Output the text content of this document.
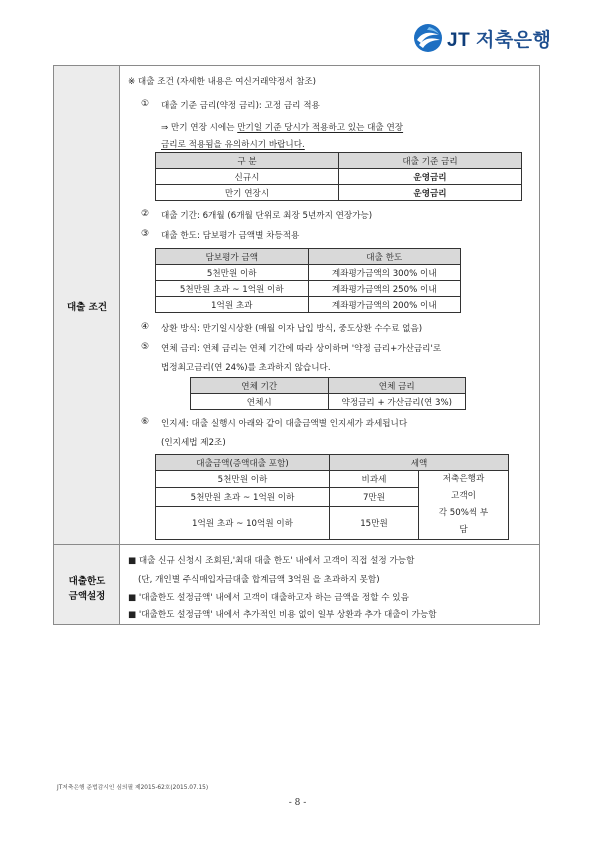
JT 저축은행
대출 조건
대출한도
금액설정
※ 대출 조건 (자세한 내용은 여신거래약정서 참조)
① 대출 기준 금리(약정 금리): 고정 금리 적용
⇒ 만기 연장 시에는 만기일 기준 당시가 적용하고 있는 대출 연장
금리로 적용됨을 유의하시기 바랍니다.
구 분	대출 기준 금리
신규시	운영금리
만기 연장시	운영금리
② 대출 기간: 6개월 (6개월 단위로 최장 5년까지 연장가능)
③ 대출 한도: 담보평가 금액별 차등적용
담보평가 금액	대출 한도
5천만원 이하	계좌평가금액의 300% 이내
5천만원 초과 ~ 1억원 이하	계좌평가금액의 250% 이내
1억원 초과	계좌평가금액의 200% 이내
④ 상환 방식: 만기일시상환 (매월 이자 납입 방식, 중도상환 수수료 없음)
⑤ 연체 금리: 연체 금리는 연체 기간에 따라 상이하며 '약정 금리+가산금리'로
법정최고금리(연 24%)를 초과하지 않습니다.
연체 기간	연체 금리
연체시	약정금리 + 가산금리(연 3%)
⑥ 인지세: 대출 실행시 아래와 같이 대출금액별 인지세가 과세됩니다
(인지세법 제2조)
대출금액(증액대출 포함)	세액	
5천만원 이하	비과세	저축은행과
고객이
각 50%씩 부
담

5천만원 초과 ~ 1억원 이하	7만원	
1억원 초과 ~ 10억원 이하	15만원	
■ 대출 신규 신청시 조회된,'최대 대출 한도' 내에서 고객이 직접 설정 가능함
(단, 개인별 주식매입자금대출 합계금액 3억원 을 초과하지 못함)
■ '대출한도 설정금액' 내에서 고객이 대출하고자 하는 금액을 정할 수 있음
■ '대출한도 설정금액' 내에서 추가적인 비용 없이 일부 상환과 추가 대출이 가능함
JT저축은행 준법감시인 심의필 제2015-62호(2015.07.15)
- 8 -
